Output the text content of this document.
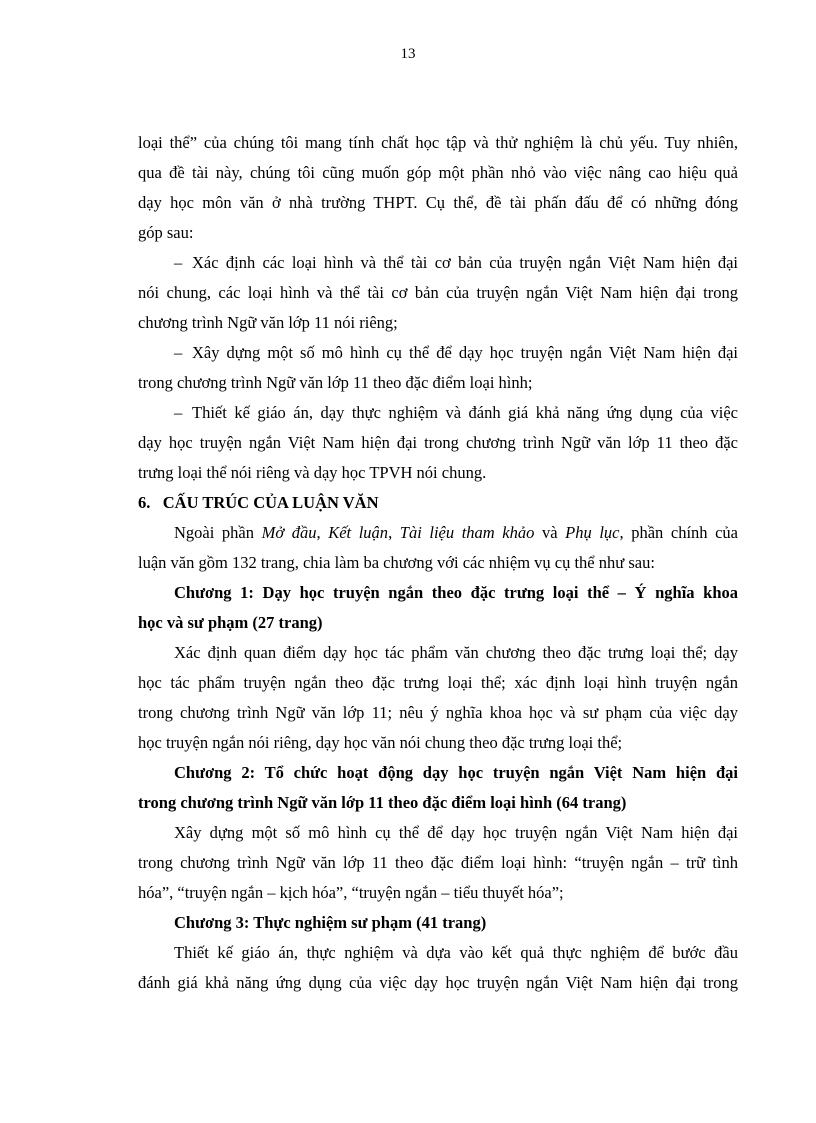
13
loại thể” của chúng tôi mang tính chất học tập và thử nghiệm là chủ yếu. Tuy nhiên,
qua đề tài này, chúng tôi cũng muốn góp một phần nhỏ vào việc nâng cao hiệu quả
dạy học môn văn ở nhà trường THPT. Cụ thể, đề tài phấn đấu để có những đóng
góp sau:
– Xác định các loại hình và thể tài cơ bản của truyện ngắn Việt Nam hiện đại
nói chung, các loại hình và thể tài cơ bản của truyện ngắn Việt Nam hiện đại trong
chương trình Ngữ văn lớp 11 nói riêng;
– Xây dựng một số mô hình cụ thể để dạy học truyện ngắn Việt Nam hiện đại
trong chương trình Ngữ văn lớp 11 theo đặc điểm loại hình;
– Thiết kế giáo án, dạy thực nghiệm và đánh giá khả năng ứng dụng của việc
dạy học truyện ngắn Việt Nam hiện đại trong chương trình Ngữ văn lớp 11 theo đặc
trưng loại thể nói riêng và dạy học TPVH nói chung.
6.   CẤU TRÚC CỦA LUẬN VĂN
Ngoài phần Mở đầu, Kết luận, Tài liệu tham khảo và Phụ lục, phần chính của
luận văn gồm 132 trang, chia làm ba chương với các nhiệm vụ cụ thể như sau:
Chương 1: Dạy học truyện ngắn theo đặc trưng loại thể – Ý nghĩa khoa
học và sư phạm (27 trang)
Xác định quan điểm dạy học tác phẩm văn chương theo đặc trưng loại thể; dạy
học tác phẩm truyện ngắn theo đặc trưng loại thể; xác định loại hình truyện ngắn
trong chương trình Ngữ văn lớp 11; nêu ý nghĩa khoa học và sư phạm của việc dạy
học truyện ngắn nói riêng, dạy học văn nói chung theo đặc trưng loại thể;
Chương 2: Tổ chức hoạt động dạy học truyện ngắn Việt Nam hiện đại
trong chương trình Ngữ văn lớp 11 theo đặc điểm loại hình (64 trang)
Xây dựng một số mô hình cụ thể để dạy học truyện ngắn Việt Nam hiện đại
trong chương trình Ngữ văn lớp 11 theo đặc điểm loại hình: “truyện ngắn – trữ tình
hóa”, “truyện ngắn – kịch hóa”, “truyện ngắn – tiểu thuyết hóa”;
Chương 3: Thực nghiệm sư phạm (41 trang)
Thiết kế giáo án, thực nghiệm và dựa vào kết quả thực nghiệm để bước đầu
đánh giá khả năng ứng dụng của việc dạy học truyện ngắn Việt Nam hiện đại trong
